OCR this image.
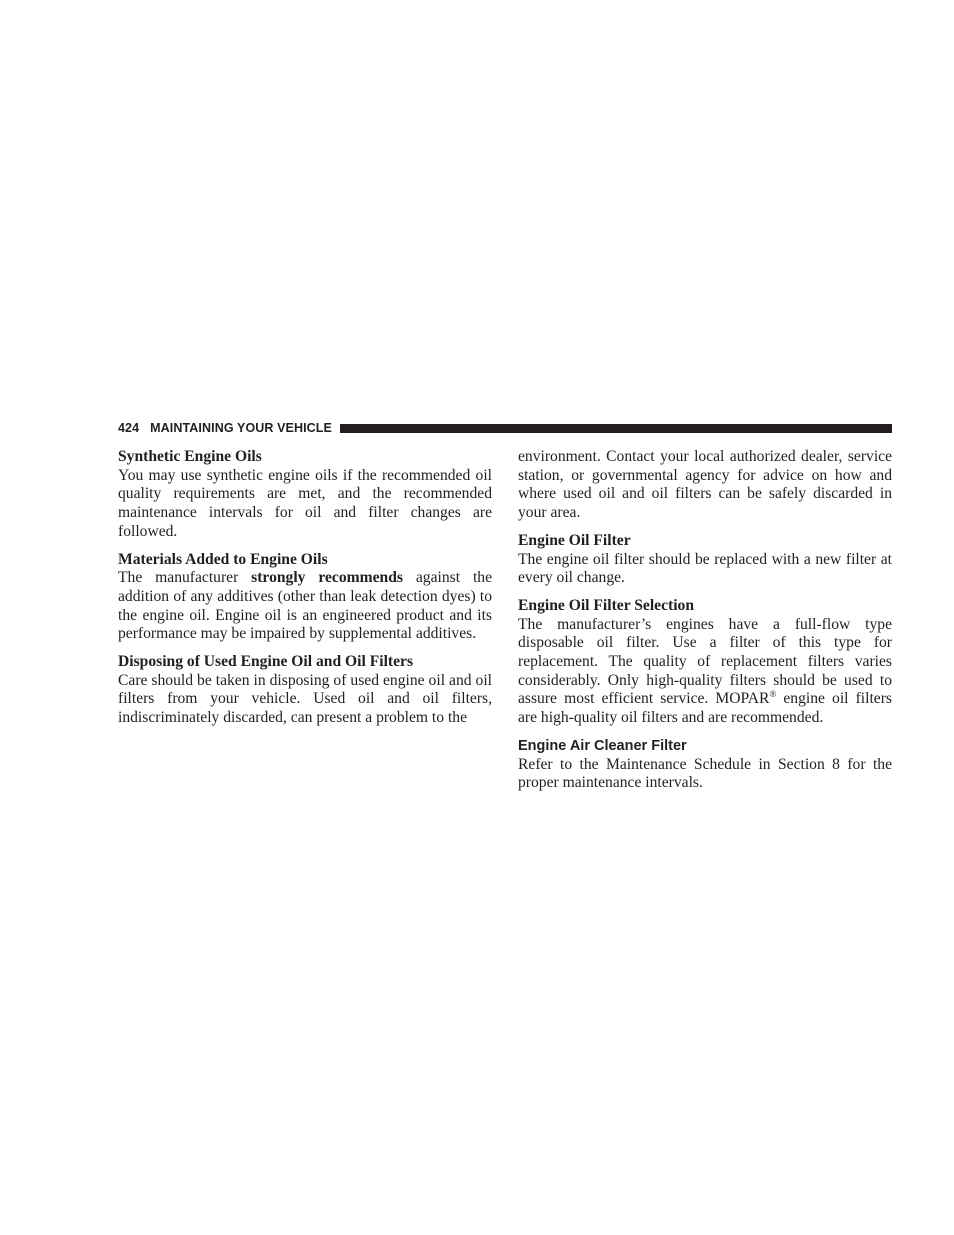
424 MAINTAINING YOUR VEHICLE

Synthetic Engine Oils

You may use synthetic engine oils if the recommended oil quality requirements are met, and the recommended maintenance intervals for oil and filter changes are followed.

Materials Added to Engine Oils

The manufacturer strongly recommends against the addition of any additives (other than leak detection dyes) to the engine oil. Engine oil is an engineered product and its performance may be impaired by supplemental additives.

Disposing of Used Engine Oil and Oil Filters

Care should be taken in disposing of used engine oil and oil filters from your vehicle. Used oil and oil filters, indiscriminately discarded, can present a problem to the

environment. Contact your local authorized dealer, service station, or governmental agency for advice on how and where used oil and oil filters can be safely discarded in your area.

Engine Oil Filter

The engine oil filter should be replaced with a new filter at every oil change.

Engine Oil Filter Selection

The manufacturer’s engines have a full-flow type disposable oil filter. Use a filter of this type for replacement. The quality of replacement filters varies considerably. Only high-quality filters should be used to assure most efficient service. MOPAR® engine oil filters are high-quality oil filters and are recommended.

Engine Air Cleaner Filter

Refer to the Maintenance Schedule in Section 8 for the proper maintenance intervals.
